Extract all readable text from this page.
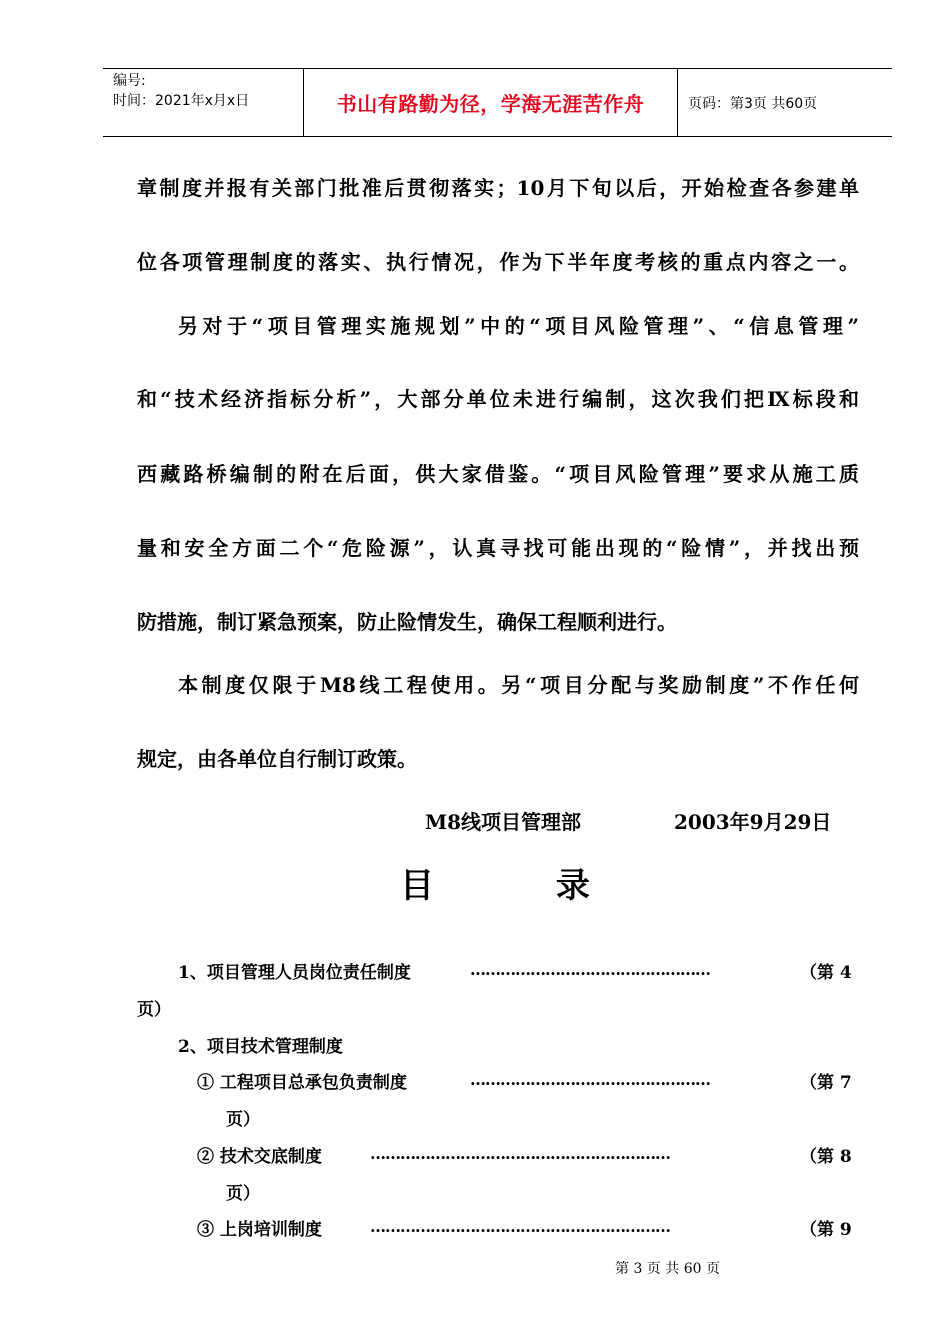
编号:
时间：2021年x月x日	书山有路勤为径，学海无涯苦作舟	页码：第3页 共60页

章制度并报有关部门批准后贯彻落实；10月下旬以后，开始检查各参建单

位各项管理制度的落实、执行情况，作为下半年度考核的重点内容之一。

另对于“项目管理实施规划”中的“项目风险管理”、“信息管理”

和“技术经济指标分析”，大部分单位未进行编制，这次我们把Ⅸ标段和

西藏路桥编制的附在后面，供大家借鉴。“项目风险管理”要求从施工质

量和安全方面二个“危险源”，认真寻找可能出现的“险情”，并找出预

防措施，制订紧急预案，防止险情发生，确保工程顺利进行。

本制度仅限于M8线工程使用。另“项目分配与奖励制度”不作任何

规定，由各单位自行制订政策。

M8线项目管理部	2003年9月29日
目	录
1、项目管理人员岗位责任制度	…………………………………………	（第 4
页）
2、项目技术管理制度
① 工程项目总承包负责制度	…………………………………………	（第 7
页）
② 技术交底制度	……………………………………………………	（第 8
页）
③ 上岗培训制度	……………………………………………………	（第 9
第 3 页 共 60 页
